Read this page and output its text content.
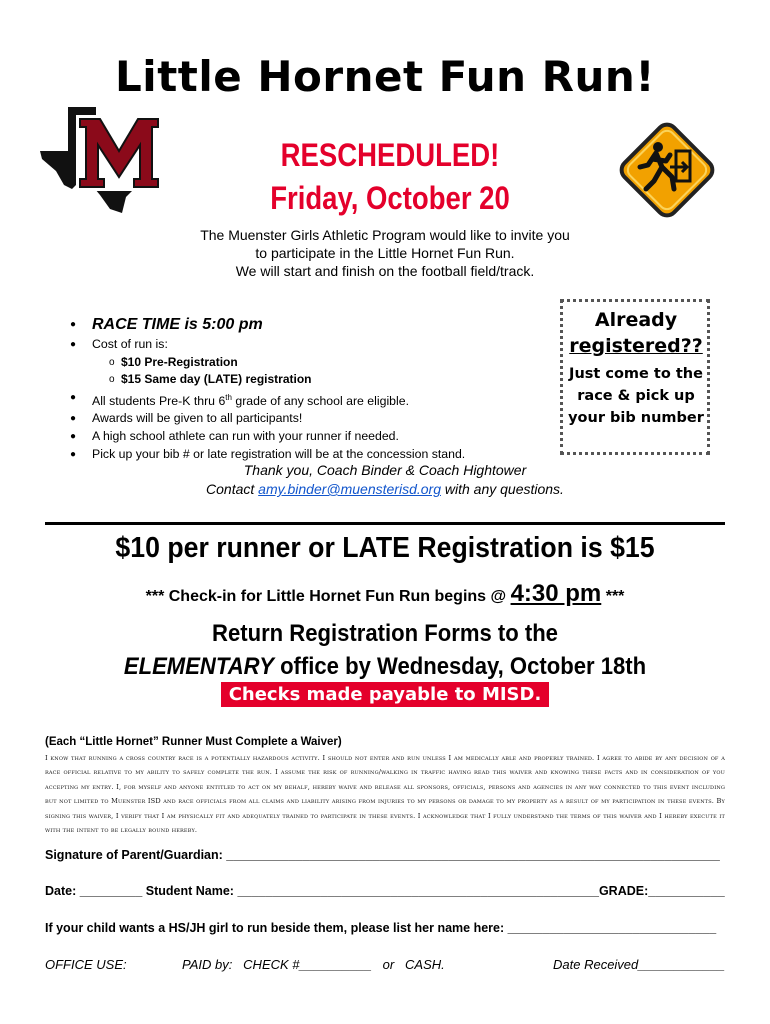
Little Hornet Fun Run!
RESCHEDULED!
Friday, October 20
The Muenster Girls Athletic Program would like to invite you
to participate in the Little Hornet Fun Run.
We will start and finish on the football field/track.
● RACE TIME is 5:00 pm
● Cost of run is:
o $10 Pre-Registration
o $15 Same day (LATE) registration
● All students Pre-K thru 6th grade of any school are eligible.
● Awards will be given to all participants!
● A high school athlete can run with your runner if needed.
● Pick up your bib # or late registration will be at the concession stand.
Already
registered??
Just come to the
race & pick up
your bib number
Thank you, Coach Binder & Coach Hightower
Contact amy.binder@muensterisd.org with any questions.
$10 per runner or LATE Registration is $15
*** Check-in for Little Hornet Fun Run begins @ 4:30 pm ***
Return Registration Forms to the
ELEMENTARY office by Wednesday, October 18th
Checks made payable to MISD.
(Each “Little Hornet” Runner Must Complete a Waiver)
I know that running a cross country race is a potentially hazardous activity. I should not enter and run unless I am medically able and properly trained. I agree to abide by any decision of a race official relative to my ability to safely complete the run. I assume the risk of running/walking in traffic having read this waiver and knowing these facts and in consideration of you accepting my entry. I, for myself and anyone entitled to act on my behalf, hereby waive and release all sponsors, officials, persons and agencies in any way connected to this event including but not limited to Muenster ISD and race officials from all claims and liability arising from injuries to my persons or damage to my property as a result of my participation in these events. By signing this waiver, I verify that I am physically fit and adequately trained to participate in these events. I acknowledge that I fully understand the terms of this waiver and I hereby execute it with the intent to be legally bound hereby.
Signature of Parent/Guardian: _______________________________________________________________________
Date: _________ Student Name: ____________________________________________________GRADE:___________
If your child wants a HS/JH girl to run beside them, please list her name here: ______________________________
OFFICE USE:	PAID by:   CHECK #__________   or   CASH.	Date Received____________
